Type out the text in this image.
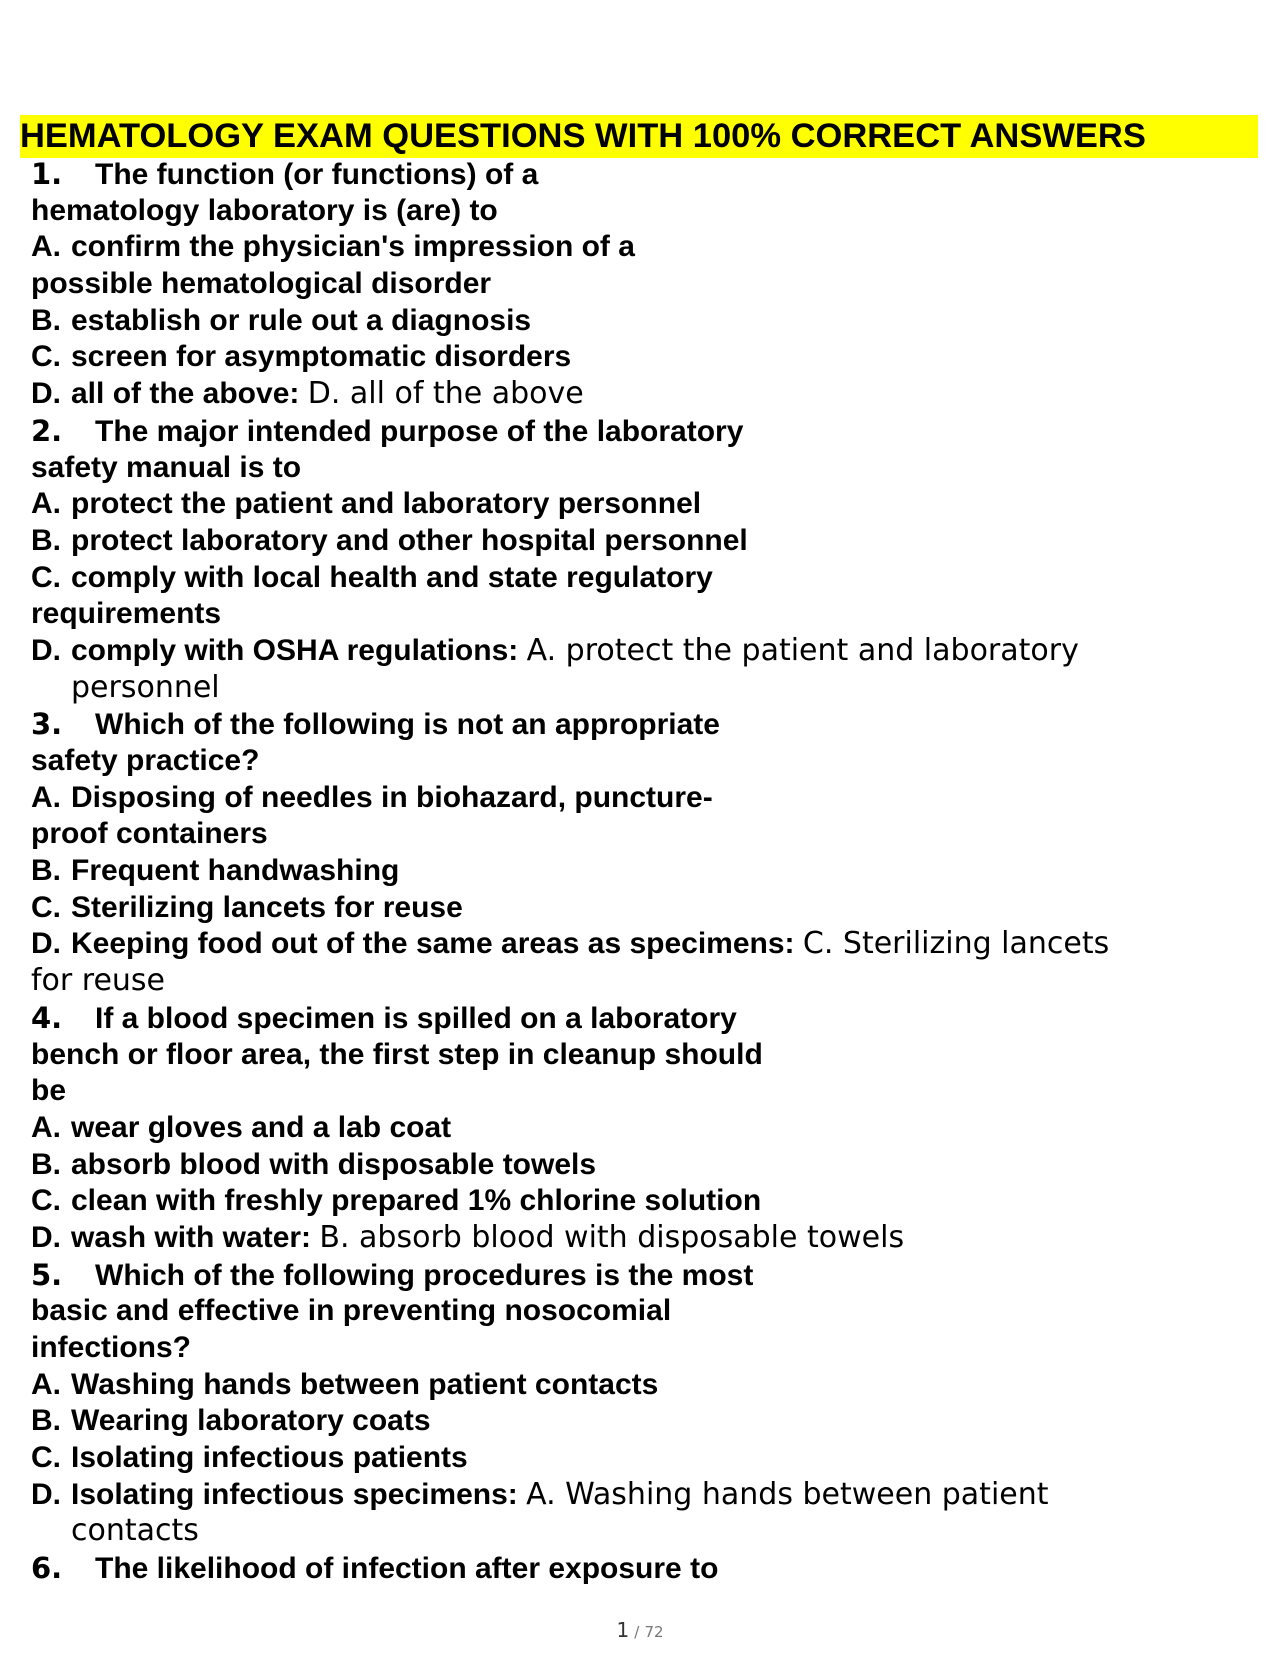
HEMATOLOGY EXAM QUESTIONS WITH 100% CORRECT ANSWERS
1. The function (or functions) of a
hematology laboratory is (are) to
A. confirm the physician's impression of a
possible hematological disorder
B. establish or rule out a diagnosis
C. screen for asymptomatic disorders
D. all of the above: D. all of the above
2. The major intended purpose of the laboratory
safety manual is to
A. protect the patient and laboratory personnel
B. protect laboratory and other hospital personnel
C. comply with local health and state regulatory
requirements
D. comply with OSHA regulations: A. protect the patient and laboratory
personnel
3. Which of the following is not an appropriate
safety practice?
A. Disposing of needles in biohazard, puncture-
proof containers
B. Frequent handwashing
C. Sterilizing lancets for reuse
D. Keeping food out of the same areas as specimens: C. Sterilizing lancets
for reuse
4. If a blood specimen is spilled on a laboratory
bench or floor area, the first step in cleanup should
be
A. wear gloves and a lab coat
B. absorb blood with disposable towels
C. clean with freshly prepared 1% chlorine solution
D. wash with water: B. absorb blood with disposable towels
5. Which of the following procedures is the most
basic and effective in preventing nosocomial
infections?
A. Washing hands between patient contacts
B. Wearing laboratory coats
C. Isolating infectious patients
D. Isolating infectious specimens: A. Washing hands between patient
contacts
6. The likelihood of infection after exposure to
1 / 72
